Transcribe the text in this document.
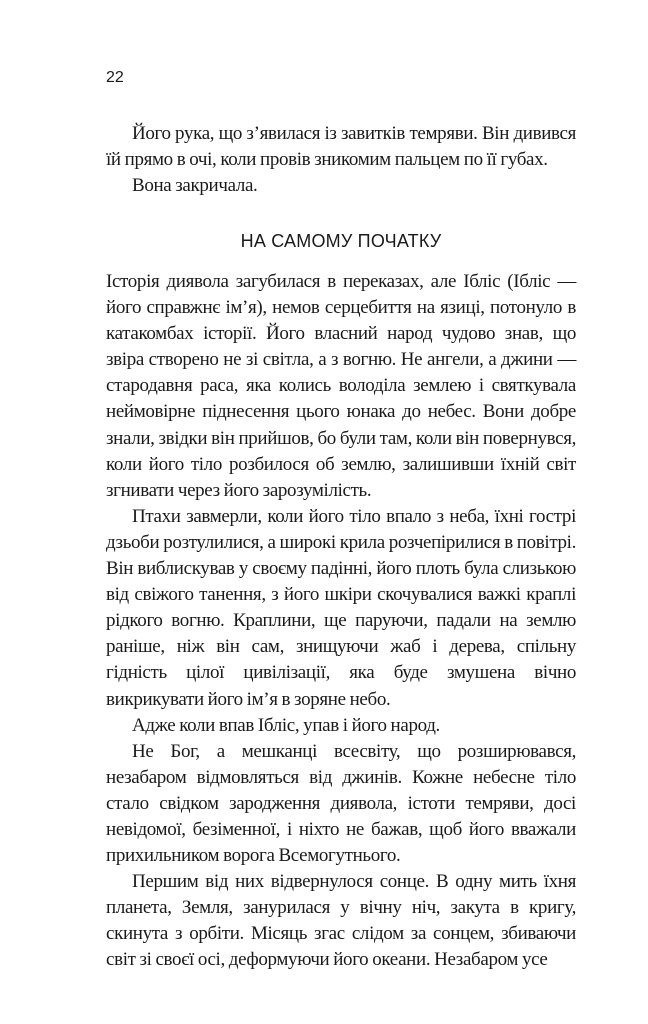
22

Його рука, що з’явилася із завитків темряви. Він дивився їй прямо в очі, коли провів зникомим пальцем по її губах.

Вона закричала.

НА САМОМУ ПОЧАТКУ

Історія диявола загубилася в переказах, але Ібліс (Ібліс — його справжнє ім’я), немов серцебиття на язиці, потонуло в катакомбах історії. Його власний народ чудово знав, що звіра створено не зі світла, а з вогню. Не ангели, а джини — стародавня раса, яка колись володіла землею і святкувала неймовірне піднесення цього юнака до небес. Вони добре знали, звідки він прийшов, бо були там, коли він повернувся, коли його тіло розбилося об землю, залишивши їхній світ згнивати через його зарозумілість.

Птахи завмерли, коли його тіло впало з неба, їхні гострі дзьоби розтулилися, а широкі крила розчепірилися в повітрі. Він виблискував у своєму падінні, його плоть була слизькою від свіжого танення, з його шкіри скочувалися важкі краплі рідкого вогню. Краплини, ще паруючи, падали на землю раніше, ніж він сам, знищуючи жаб і дерева, спільну гідність цілої цивілізації, яка буде змушена вічно викрикувати його ім’я в зоряне небо.

Адже коли впав Ібліс, упав і його народ.

Не Бог, а мешканці всесвіту, що розширювався, незабаром відмовляться від джинів. Кожне небесне тіло стало свідком зародження диявола, істоти темряви, досі невідомої, безіменної, і ніхто не бажав, щоб його вважали прихильником ворога Всемогутнього.

Першим від них відвернулося сонце. В одну мить їхня планета, Земля, занурилася у вічну ніч, закута в кригу, скинута з орбіти. Місяць згас слідом за сонцем, збиваючи світ зі своєї осі, деформуючи його океани. Незабаром усе
